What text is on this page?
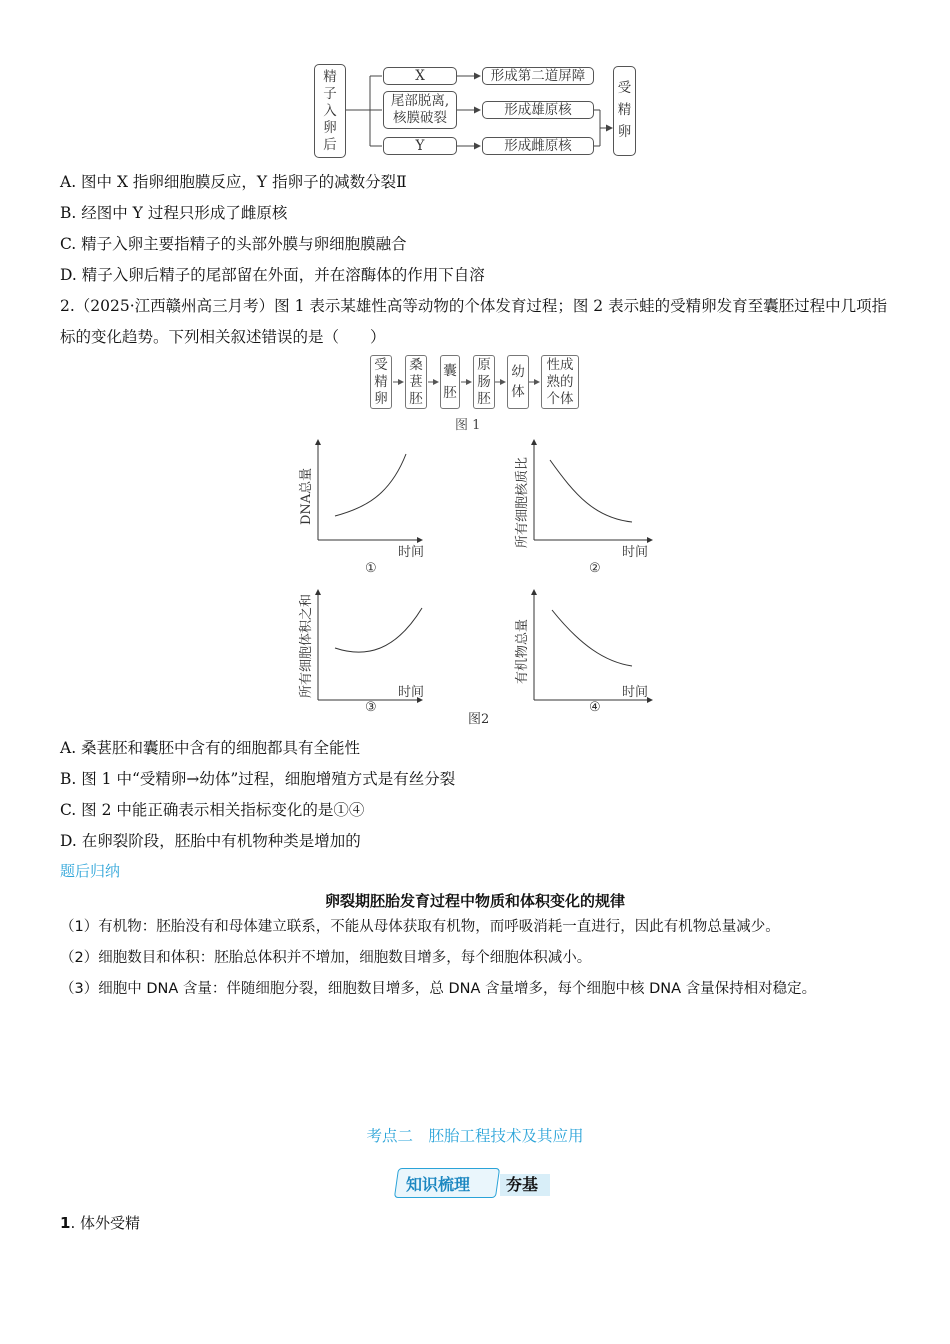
精
子
入
卵
后
X
尾部脱离,
核膜破裂
Y
形成第二道屏障
形成雄原核
形成雌原核
受
精
卵
A. 图中 X 指卵细胞膜反应，Y 指卵子的减数分裂Ⅱ
B. 经图中 Y 过程只形成了雌原核
C. 精子入卵主要指精子的头部外膜与卵细胞膜融合
D. 精子入卵后精子的尾部留在外面，并在溶酶体的作用下自溶
2.（2025·江西赣州高三月考）图 1 表示某雄性高等动物的个体发育过程；图 2 表示蛙的受精卵发育至囊胚过程中几项指标的变化趋势。下列相关叙述错误的是（　　）
受
精
卵
桑
葚
胚
囊
胚
原
肠
胚
幼
体
性成
熟的
个体
图 1
DNA总量	所有细胞核质比
所有细胞体积之和	有机物总量
时间	时间
时间	时间
①	②
③	④
图2
A. 桑葚胚和囊胚中含有的细胞都具有全能性
B. 图 1 中“受精卵→幼体”过程，细胞增殖方式是有丝分裂
C. 图 2 中能正确表示相关指标变化的是①④
D. 在卵裂阶段，胚胎中有机物种类是增加的
题后归纳
卵裂期胚胎发育过程中物质和体积变化的规律
（1）有机物：胚胎没有和母体建立联系，不能从母体获取有机物，而呼吸消耗一直进行，因此有机物总量减少。
（2）细胞数目和体积：胚胎总体积并不增加，细胞数目增多，每个细胞体积减小。
（3）细胞中 DNA 含量：伴随细胞分裂，细胞数目增多，总 DNA 含量增多，每个细胞中核 DNA 含量保持相对稳定。
考点二　胚胎工程技术及其应用
知识梳理 夯基
1. 体外受精
